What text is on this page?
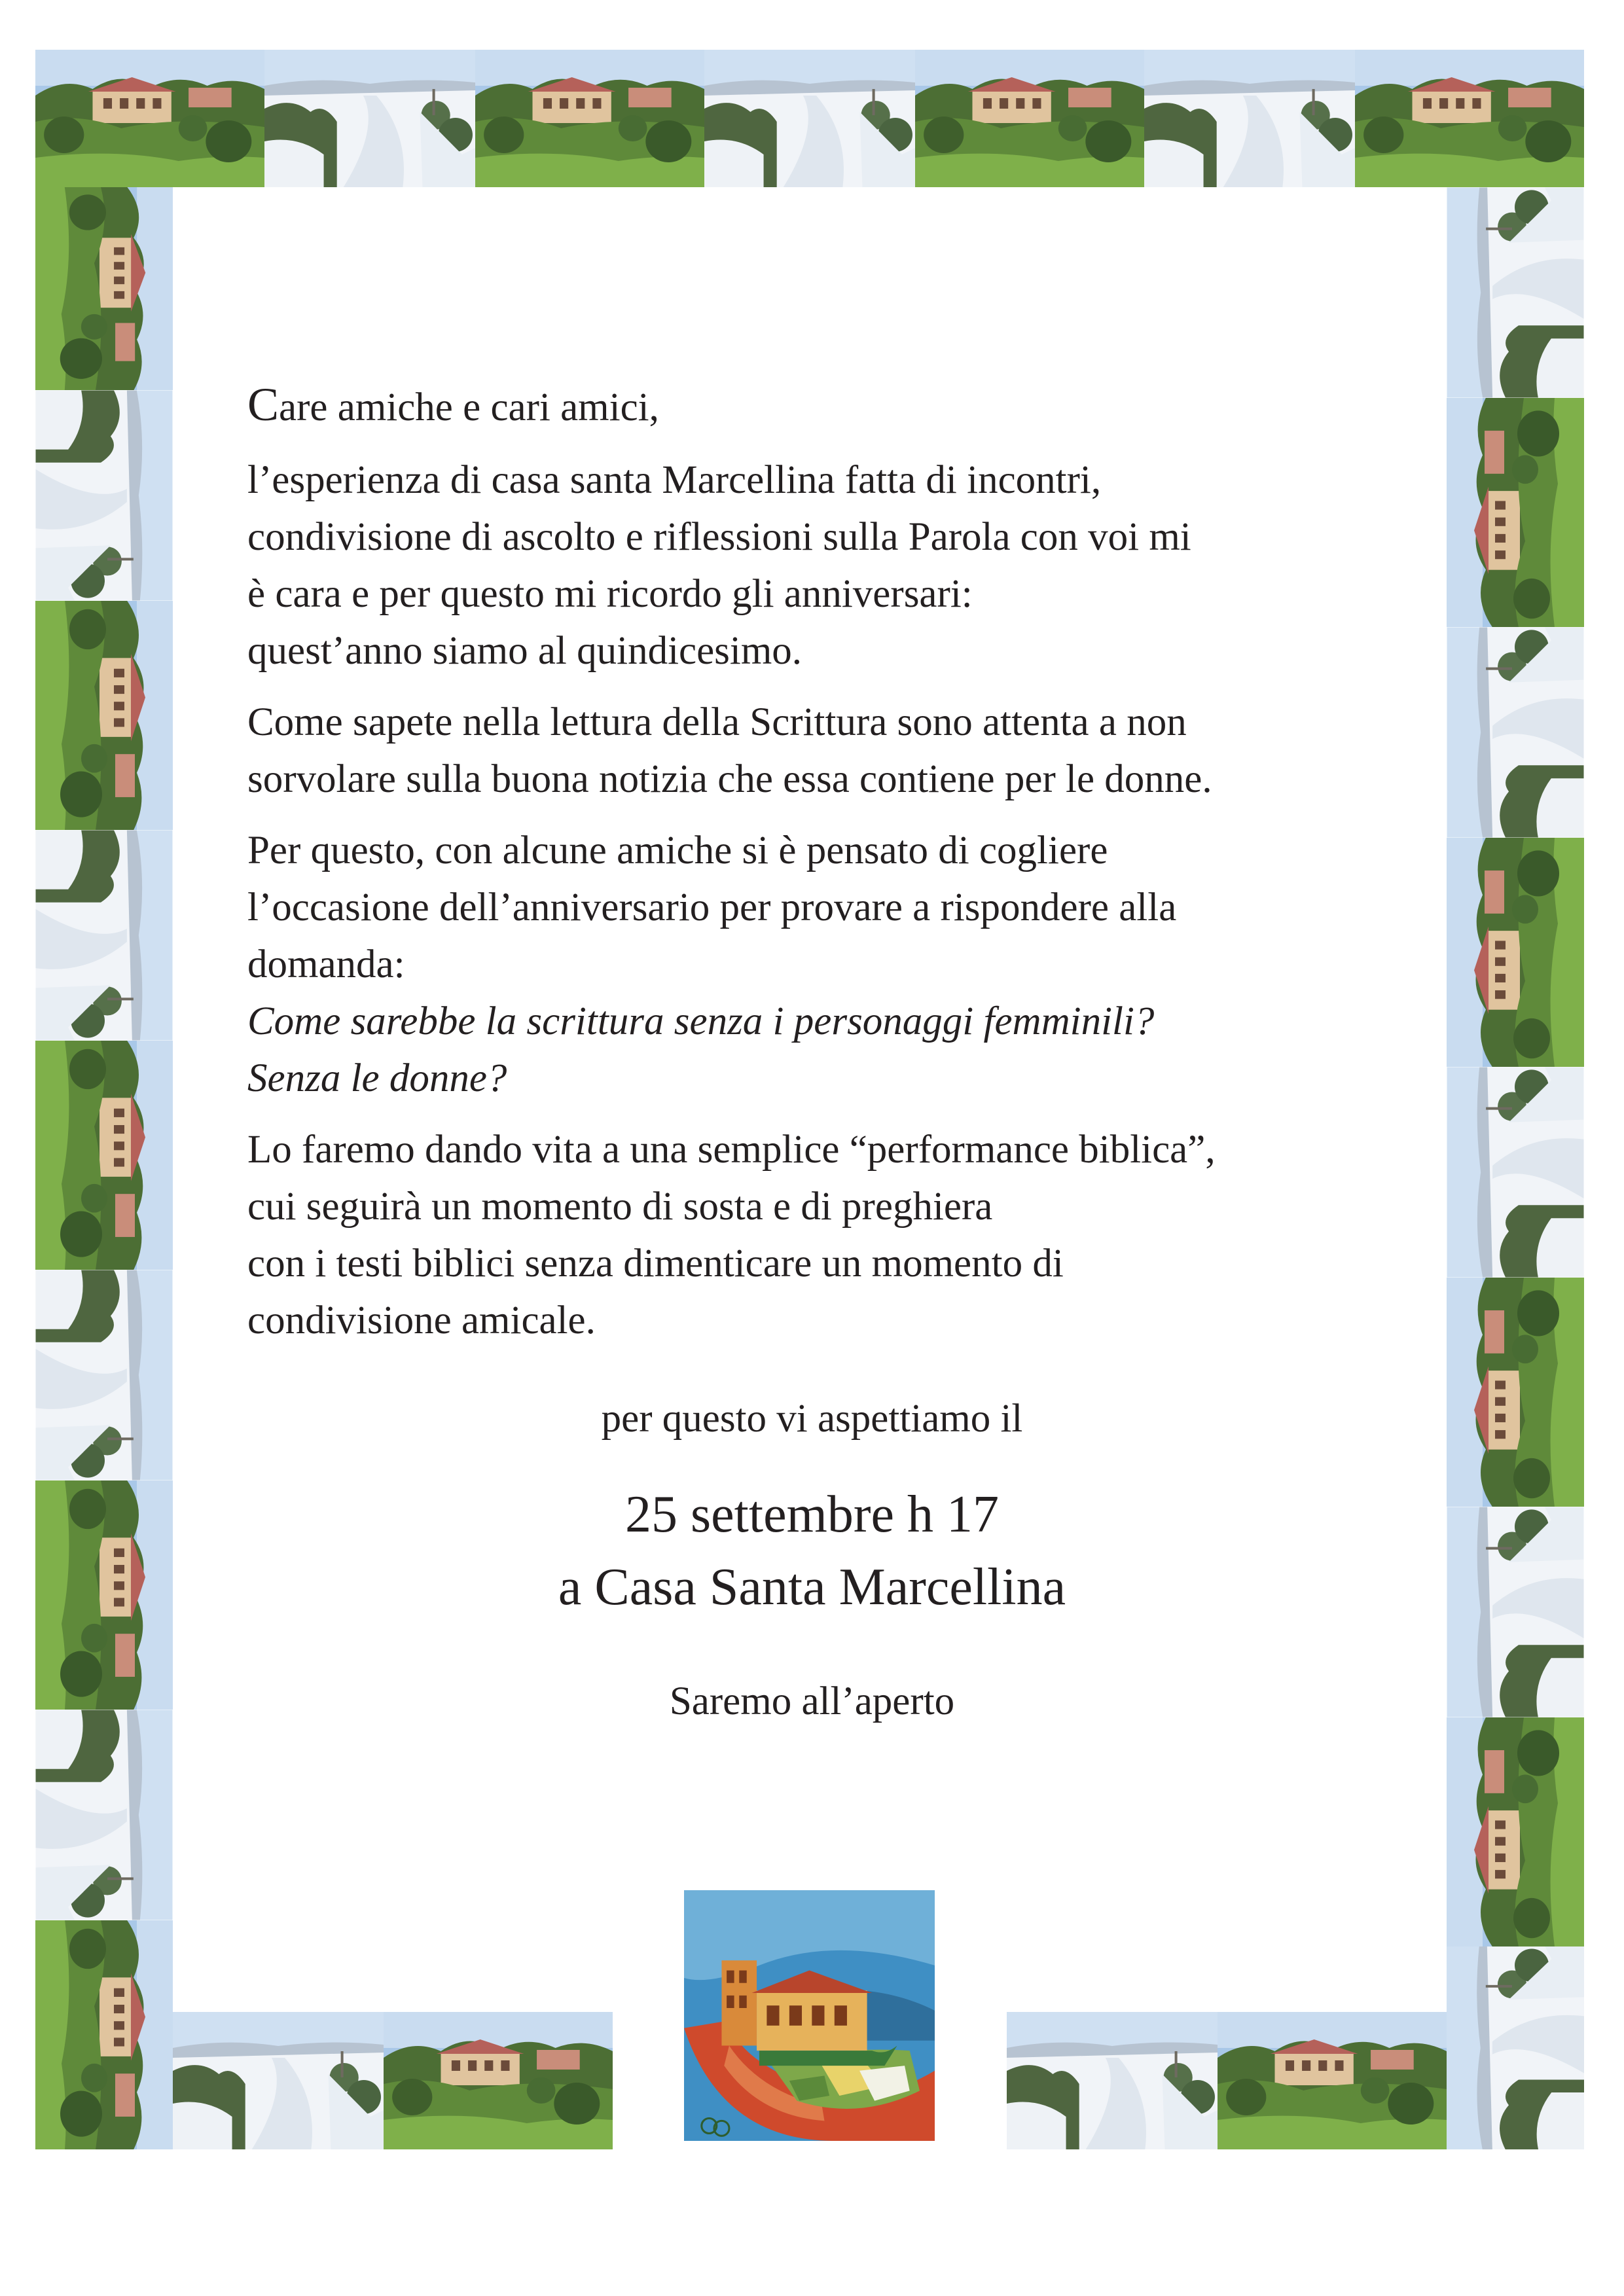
Care amiche e cari amici,

l’esperienza di casa santa Marcellina fatta di incontri,
condivisione di ascolto e riflessioni sulla Parola con voi mi
è cara e per questo mi ricordo gli anniversari:
quest’anno siamo al quindicesimo.

Come sapete nella lettura della Scrittura sono attenta a non
sorvolare sulla buona notizia che essa contiene per le donne.

Per questo, con alcune amiche si è pensato di cogliere
l’occasione dell’anniversario per provare a rispondere alla
domanda:
Come sarebbe la scrittura senza i personaggi femminili?
Senza le donne?

Lo faremo dando vita a una semplice “performance biblica”,
cui seguirà un momento di sosta e di preghiera
con i testi biblici senza dimenticare un momento di
condivisione amicale.

per questo vi aspettiamo il
25 settembre h 17
a Casa Santa Marcellina
Saremo all’aperto
